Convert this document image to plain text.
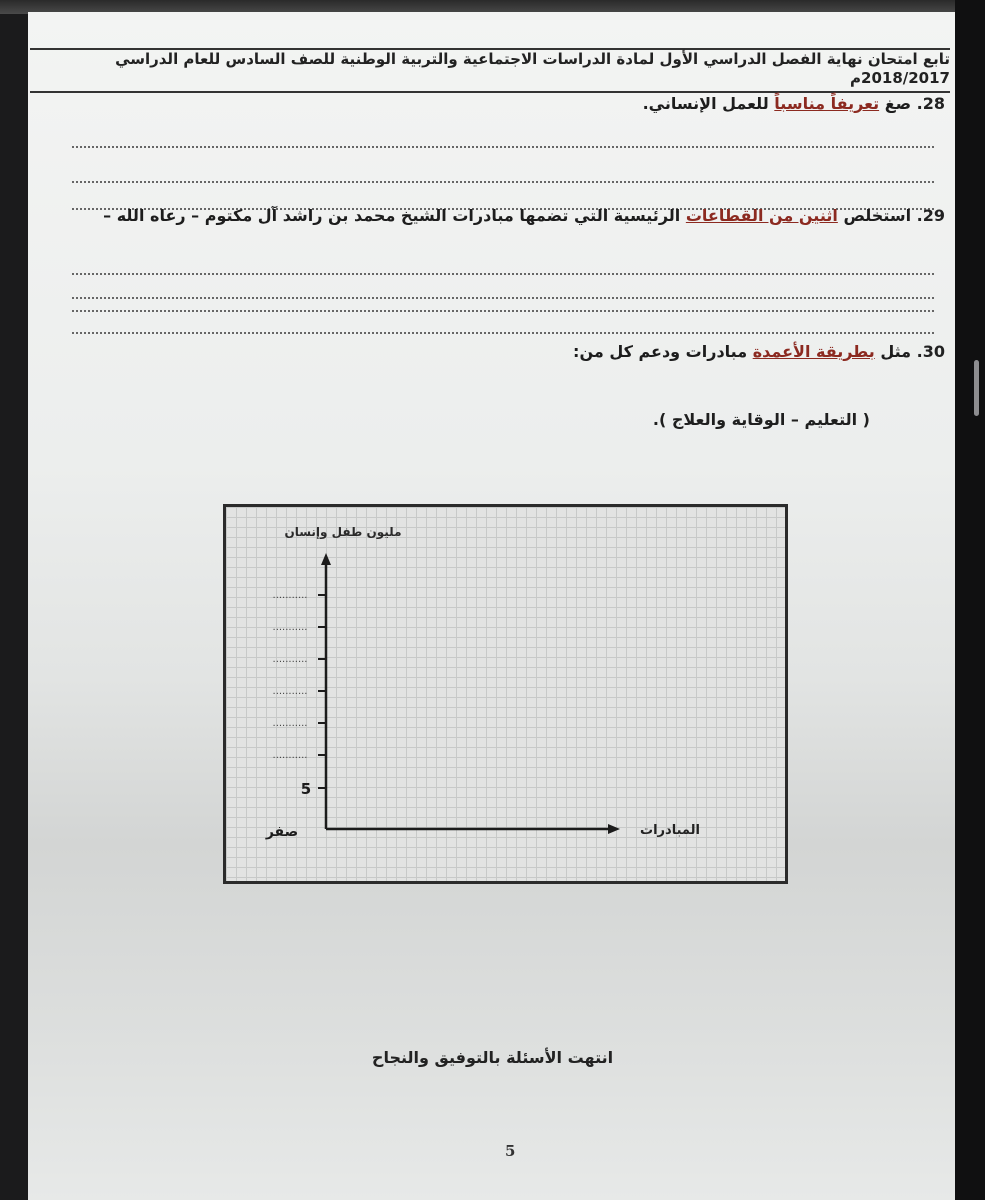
تابع امتحان نهاية الفصل الدراسي الأول لمادة الدراسات الاجتماعية والتربية الوطنية للصف السادس للعام الدراسي 2018/2017م
28. صغ تعريفاً مناسباً للعمل الإنساني.
29. استخلص اثنين من القطاعات الرئيسية التي تضمها مبادرات الشيخ محمد بن راشد آل مكتوم – رعاه الله –
30. مثل بطريقة الأعمدة مبادرات ودعم كل من:
( التعليم – الوقاية والعلاج ).
مليون طفل وإنسان
المبادرات
صفر
5
...........
...........
...........
...........
...........
...........
انتهت الأسئلة بالتوفيق والنجاح
5
